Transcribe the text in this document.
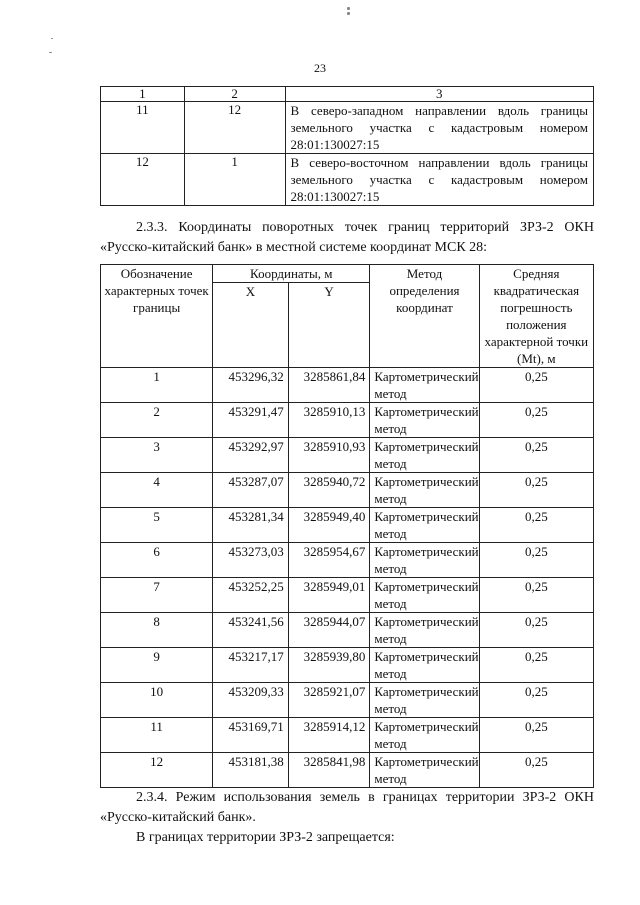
23
1	2	3
11	12	В северо-западном направлении вдоль границы земельного участка с кадастровым номером 28:01:130027:15
12	1	В северо-восточном направлении вдоль границы земельного участка с кадастровым номером 28:01:130027:15

2.3.3. Координаты поворотных точек границ территорий ЗРЗ-2 ОКН «Русско-китайский банк» в местной системе координат МСК 28:

Обозначение характерных точек границы	Координаты, м		Метод определения координат	Средняя квадратическая погрешность положения характерной точки (Mt), м
	X	Y		
1	453296,32	3285861,84	Картометрический метод	0,25
2	453291,47	3285910,13	Картометрический метод	0,25
3	453292,97	3285910,93	Картометрический метод	0,25
4	453287,07	3285940,72	Картометрический метод	0,25
5	453281,34	3285949,40	Картометрический метод	0,25
6	453273,03	3285954,67	Картометрический метод	0,25
7	453252,25	3285949,01	Картометрический метод	0,25
8	453241,56	3285944,07	Картометрический метод	0,25
9	453217,17	3285939,80	Картометрический метод	0,25
10	453209,33	3285921,07	Картометрический метод	0,25
11	453169,71	3285914,12	Картометрический метод	0,25
12	453181,38	3285841,98	Картометрический метод	0,25

2.3.4. Режим использования земель в границах территории ЗРЗ-2 ОКН «Русско-китайский банк».

В границах территории ЗРЗ-2 запрещается:
